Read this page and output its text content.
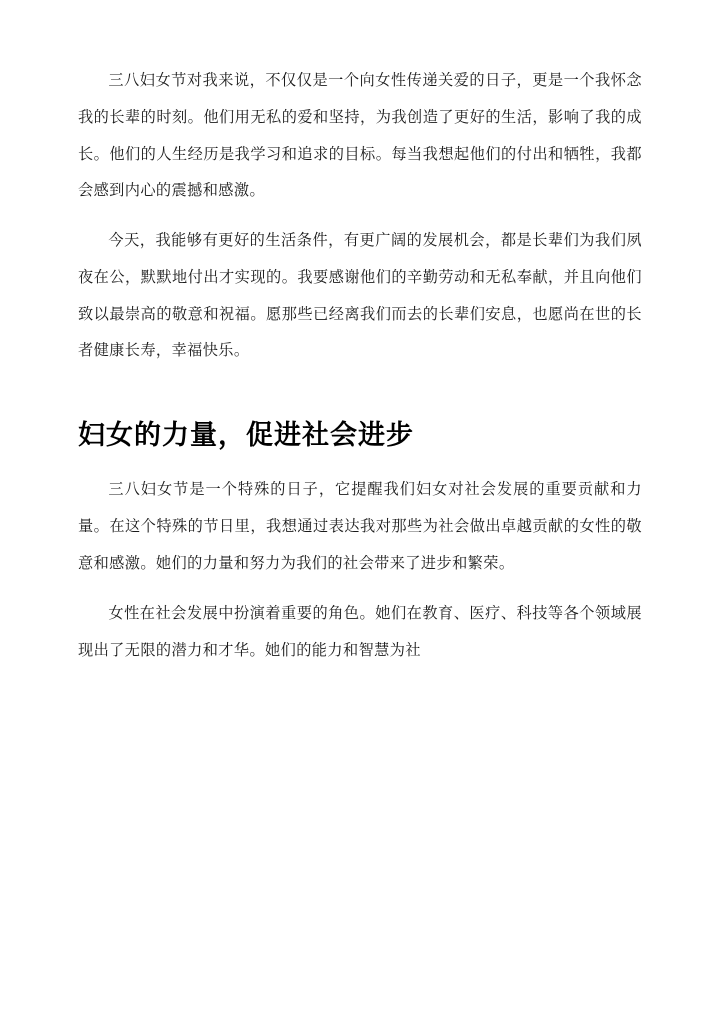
三八妇女节对我来说，不仅仅是一个向女性传递关爱的日子，更是一个我怀念我的长辈的时刻。他们用无私的爱和坚持，为我创造了更好的生活，影响了我的成长。他们的人生经历是我学习和追求的目标。每当我想起他们的付出和牺牲，我都会感到内心的震撼和感激。

今天，我能够有更好的生活条件，有更广阔的发展机会，都是长辈们为我们夙夜在公，默默地付出才实现的。我要感谢他们的辛勤劳动和无私奉献，并且向他们致以最崇高的敬意和祝福。愿那些已经离我们而去的长辈们安息，也愿尚在世的长者健康长寿，幸福快乐。

妇女的力量，促进社会进步

三八妇女节是一个特殊的日子，它提醒我们妇女对社会发展的重要贡献和力量。在这个特殊的节日里，我想通过表达我对那些为社会做出卓越贡献的女性的敬意和感激。她们的力量和努力为我们的社会带来了进步和繁荣。

女性在社会发展中扮演着重要的角色。她们在教育、医疗、科技等各个领域展现出了无限的潜力和才华。她们的能力和智慧为社
